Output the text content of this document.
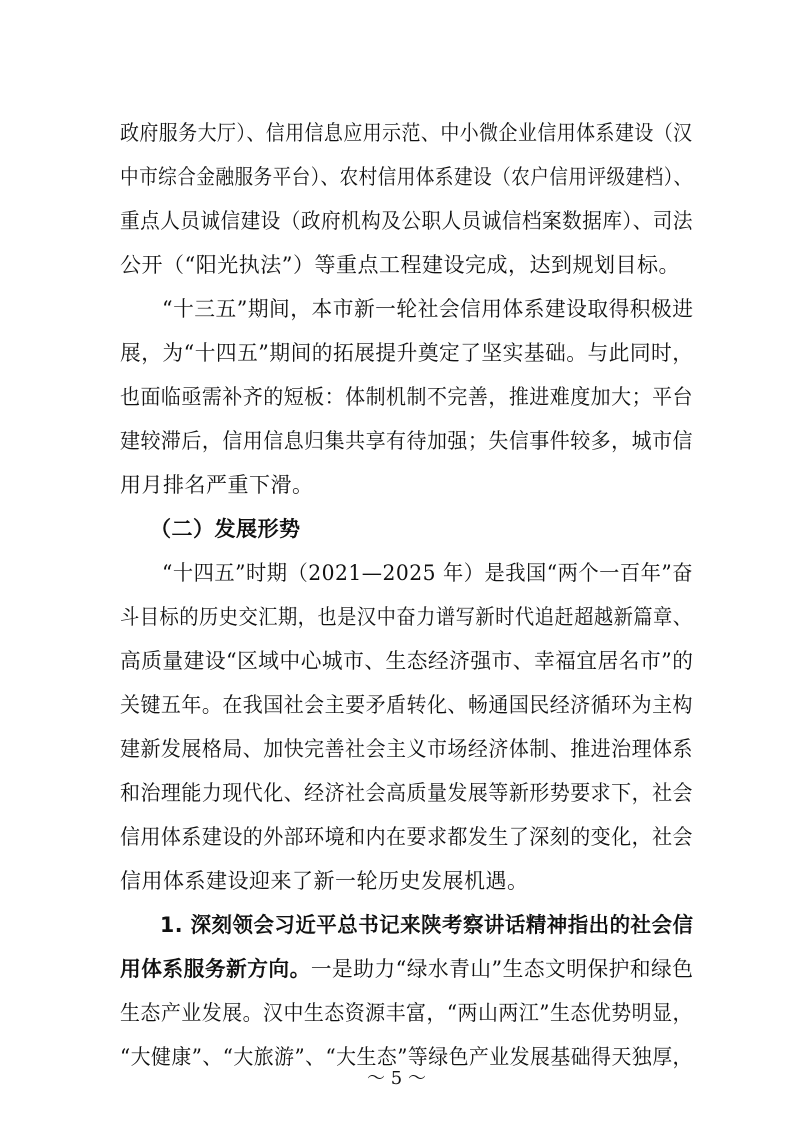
政府服务大厅）、信用信息应用示范、中小微企业信用体系建设（汉
中市综合金融服务平台）、农村信用体系建设（农户信用评级建档）、
重点人员诚信建设（政府机构及公职人员诚信档案数据库）、司法
公开（“阳光执法”）等重点工程建设完成，达到规划目标。
“十三五”期间，本市新一轮社会信用体系建设取得积极进
展，为“十四五”期间的拓展提升奠定了坚实基础。与此同时，
也面临亟需补齐的短板：体制机制不完善，推进难度加大；平台
建较滞后，信用信息归集共享有待加强；失信事件较多，城市信
用月排名严重下滑。
（二）发展形势
“十四五”时期（2021—2025 年）是我国“两个一百年”奋
斗目标的历史交汇期，也是汉中奋力谱写新时代追赶超越新篇章、
高质量建设“区域中心城市、生态经济强市、幸福宜居名市”的
关键五年。在我国社会主要矛盾转化、畅通国民经济循环为主构
建新发展格局、加快完善社会主义市场经济体制、推进治理体系
和治理能力现代化、经济社会高质量发展等新形势要求下，社会
信用体系建设的外部环境和内在要求都发生了深刻的变化，社会
信用体系建设迎来了新一轮历史发展机遇。
1. 深刻领会习近平总书记来陕考察讲话精神指出的社会信
用体系服务新方向。一是助力“绿水青山”生态文明保护和绿色
生态产业发展。汉中生态资源丰富，“两山两江”生态优势明显，
“大健康”、“大旅游”、“大生态”等绿色产业发展基础得天独厚，
～ 5 ～
